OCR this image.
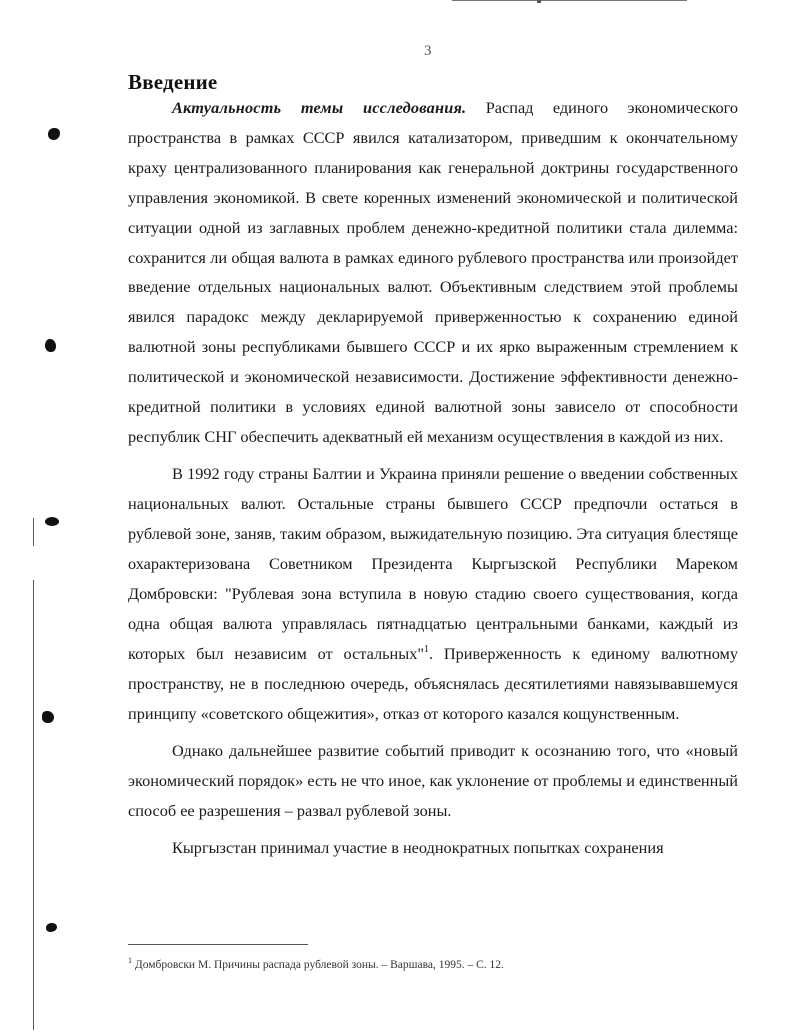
3
Введение

Актуальность темы исследования. Распад единого экономического пространства в рамках СССР явился катализатором, приведшим к окончательному краху централизованного планирования как генеральной доктрины государственного управления экономикой. В свете коренных изменений экономической и политической ситуации одной из заглавных проблем денежно-кредитной политики стала дилемма: сохранится ли общая валюта в рамках единого рублевого пространства или произойдет введение отдельных национальных валют. Объективным следствием этой проблемы явился парадокс между декларируемой приверженностью к сохранению единой валютной зоны республиками бывшего СССР и их ярко выраженным стремлением к политической и экономической независимости. Достижение эффективности денежно-кредитной политики в условиях единой валютной зоны зависело от способности республик СНГ обеспечить адекватный ей механизм осуществления в каждой из них.

В 1992 году страны Балтии и Украина приняли решение о введении собственных национальных валют. Остальные страны бывшего СССР предпочли остаться в рублевой зоне, заняв, таким образом, выжидательную позицию. Эта ситуация блестяще охарактеризована Советником Президента Кыргызской Республики Мареком Домбровски: "Рублевая зона вступила в новую стадию своего существования, когда одна общая валюта управлялась пятнадцатью центральными банками, каждый из которых был независим от остальных"$^1$. Приверженность к единому валютному пространству, не в последнюю очередь, объяснялась десятилетиями навязывавшемуся принципу «советского общежития», отказ от которого казался кощунственным.

Однако дальнейшее развитие событий приводит к осознанию того, что «новый экономический порядок» есть не что иное, как уклонение от проблемы и единственный способ ее разрешения – развал рублевой зоны.

Кыргызстан принимал участие в неоднократных попытках сохранения

$^1$ Домбровски М. Причины распада рублевой зоны. – Варшава, 1995. – С. 12.
